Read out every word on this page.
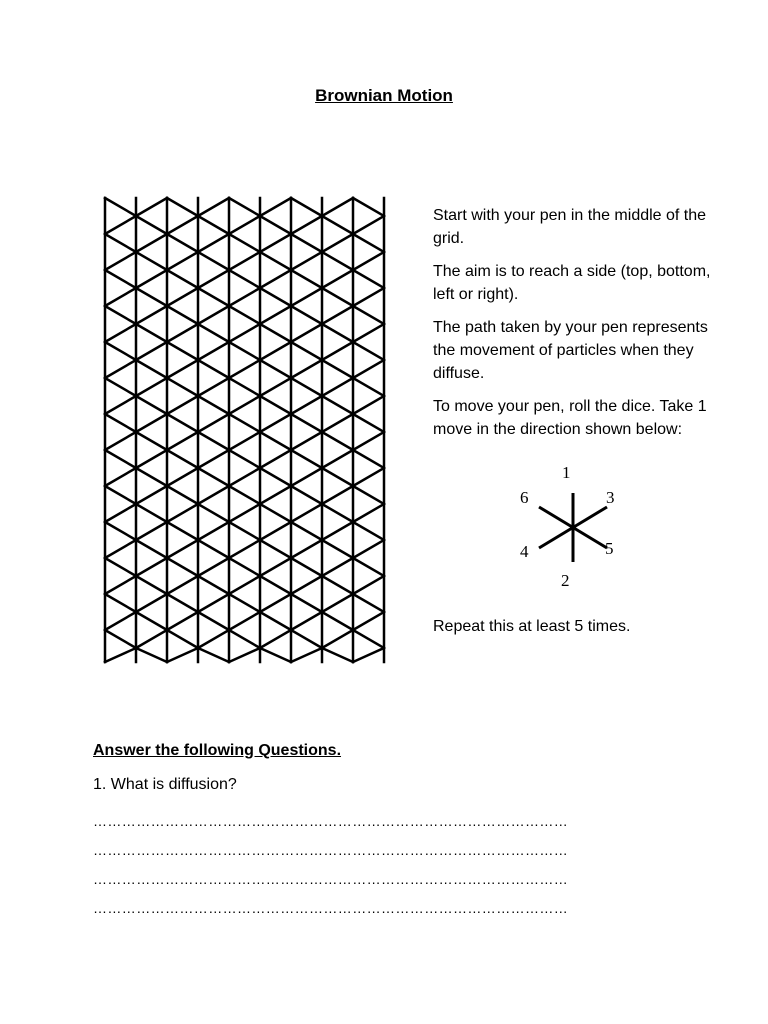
Brownian Motion

Start with your pen in the middle of the grid.

The aim is to reach a side (top, bottom, left or right).

The path taken by your pen represents the movement of particles when they diffuse.

To move your pen, roll the dice. Take 1 move in the direction shown below:

1
6	3
4	5
2
Repeat this at least 5 times.
Answer the following Questions.
1. What is diffusion?
………………………………………………………………………………………
………………………………………………………………………………………
………………………………………………………………………………………
………………………………………………………………………………………
